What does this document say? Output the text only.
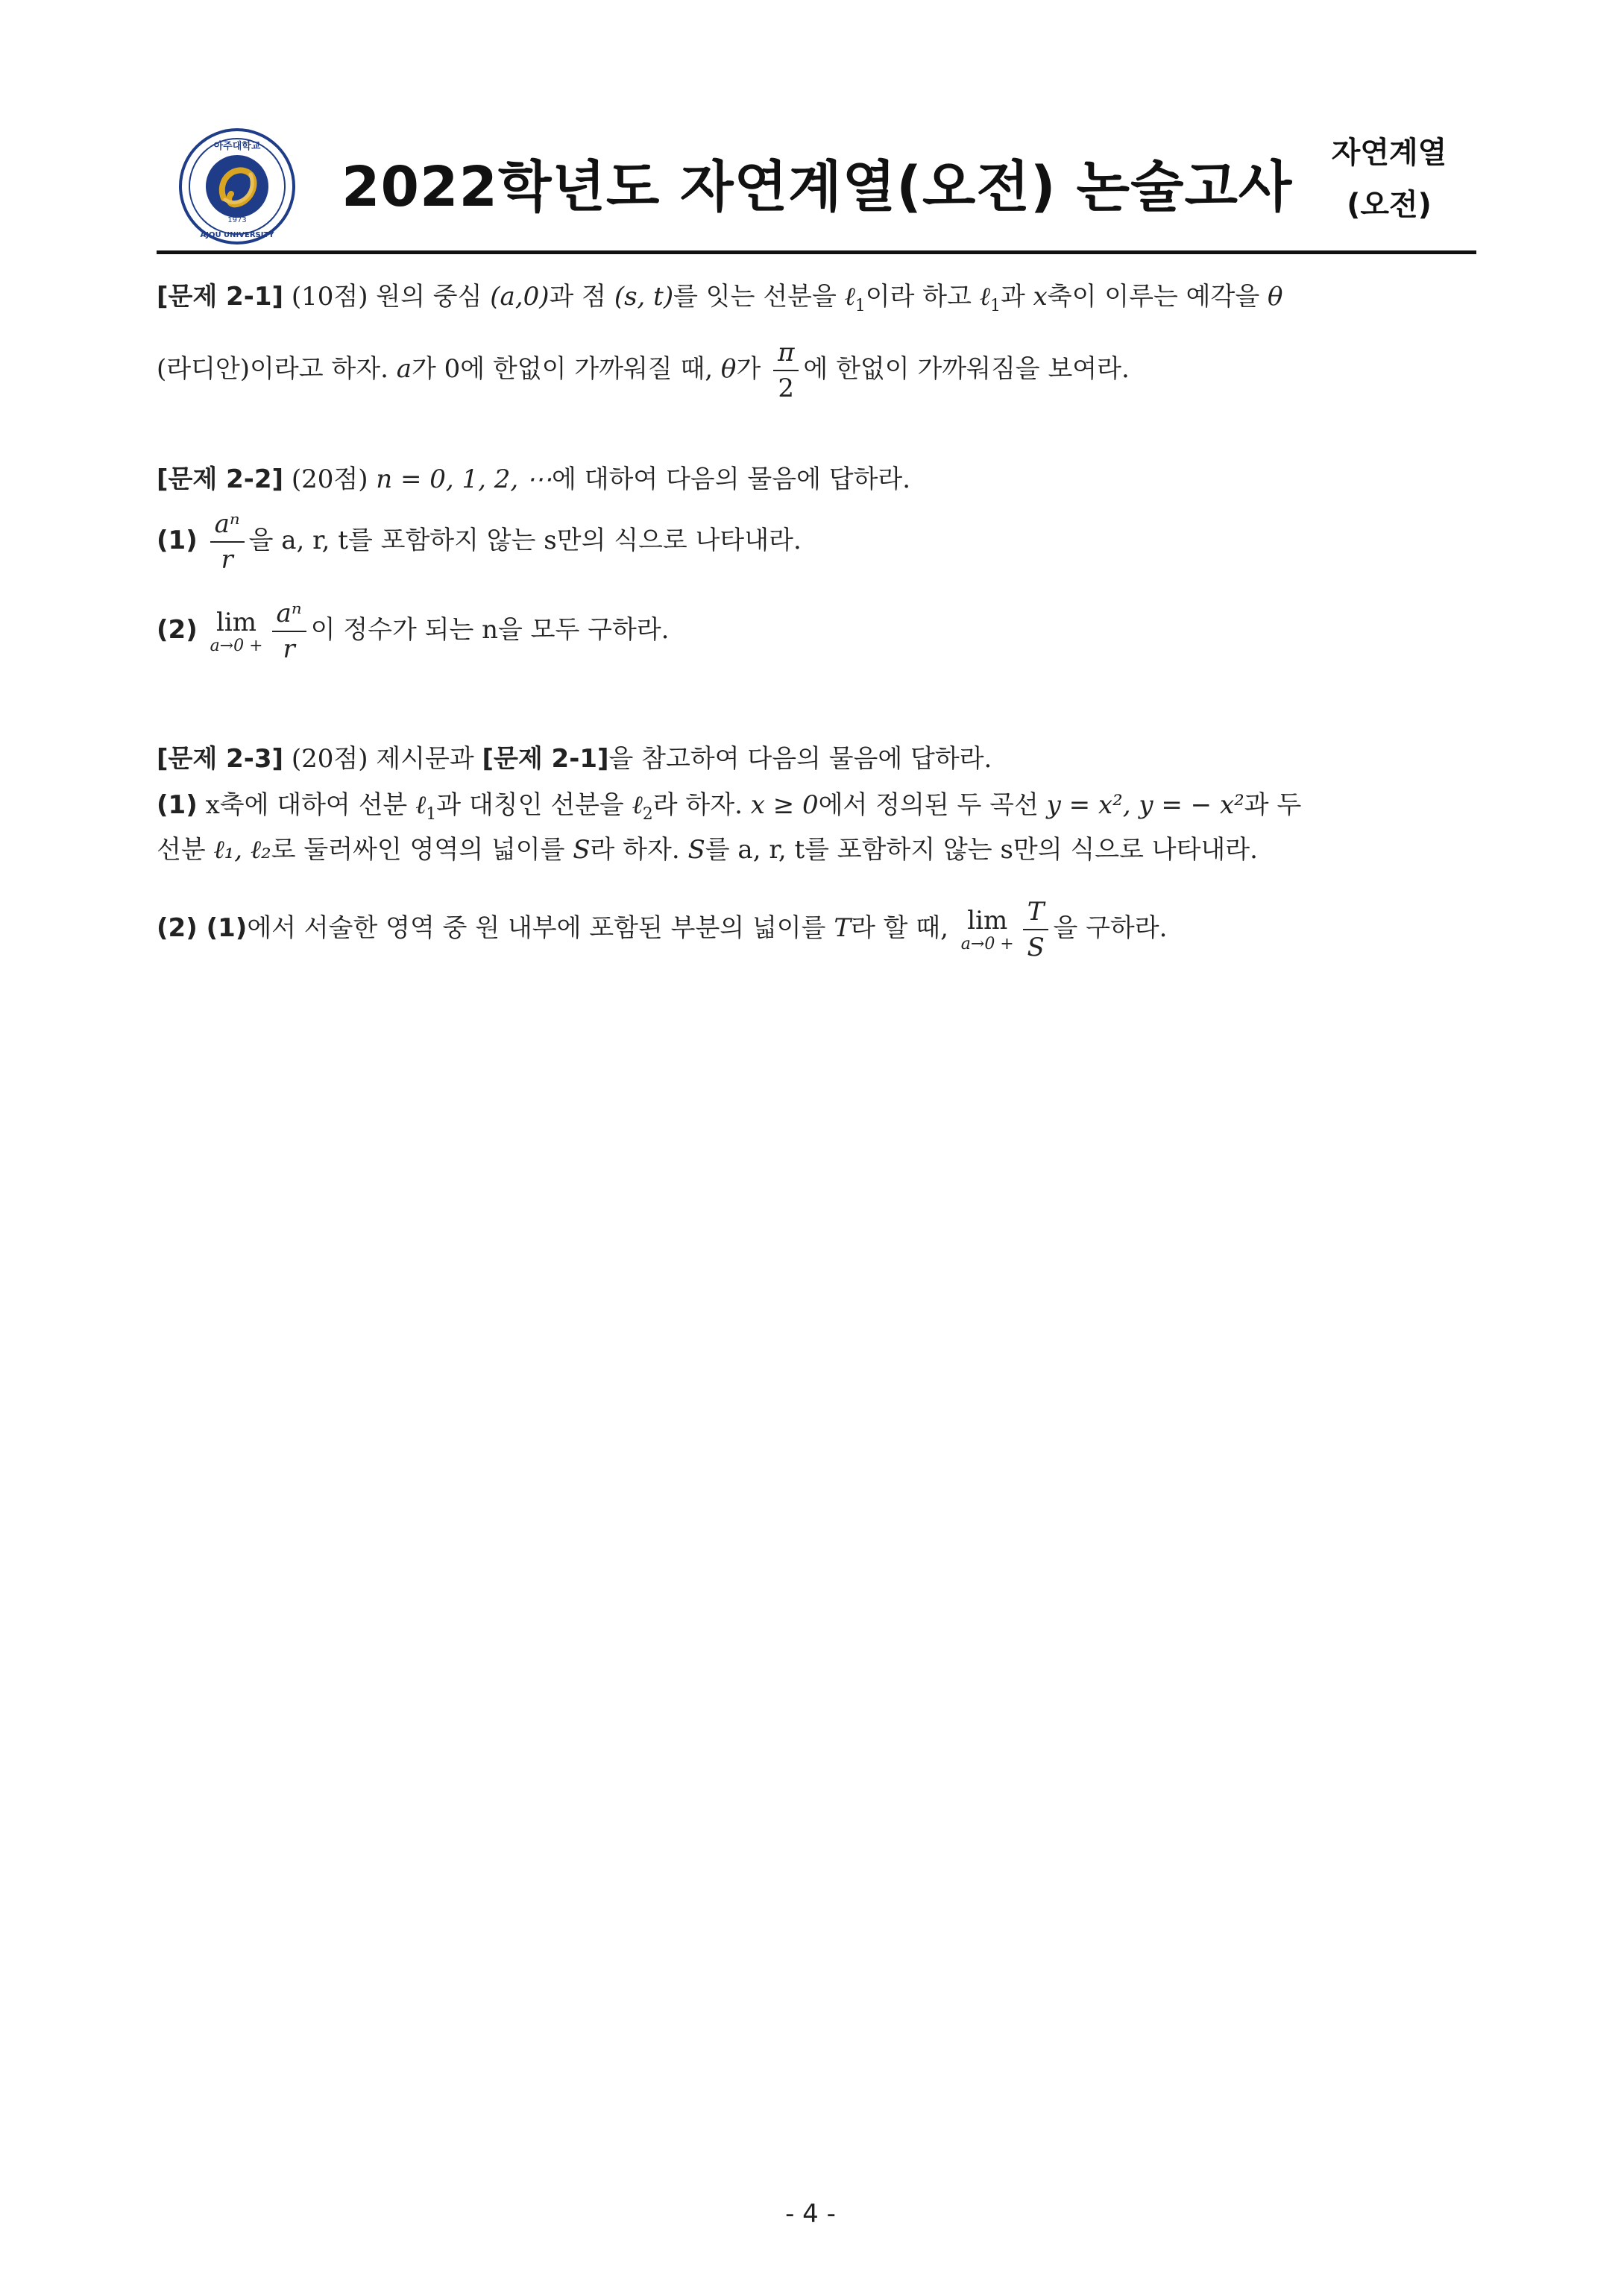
1973
아주대학교
AJOU UNIVERSITY
2022학년도 자연계열(오전) 논술고사
자연계열
(오전)
[문제 2-1] (10점) 원의 중심 (a,0)과 점 (s, t)를 잇는 선분을 ℓ$_1$이라 하고 ℓ$_1$과 x축이 이루는 예각을 θ
(라디안)이라고 하자. a가 0에 한없이 가까워질 때, θ가 $\frac{\pi}{2}$ 에 한없이 가까워짐을 보여라.
[문제 2-2] (20점) n = 0, 1, 2, ⋯에 대하여 다음의 물음에 답하라.
$(1) \frac{\text{aⁿ}}{r}$ 을 a, r, t를 포함하지 않는 s만의 식으로 나타내라.
(2) lim
$a\to 0 + \frac{\text{aⁿ}}{r}$ 이 정수가 되는 n을 모두 구하라.
[문제 2-3] (20점) 제시문과 [문제 2-1]을 참고하여 다음의 물음에 답하라.
(1) x축에 대하여 선분 ℓ$_1$과 대칭인 선분을 ℓ$_2$라 하자. x ≥ 0에서 정의된 두 곡선 y = x², y = − x²과 두
선분 ℓ₁, ℓ₂로 둘러싸인 영역의 넓이를 S라 하자. S를 a, r, t를 포함하지 않는 s만의 식으로 나타내라.
(2) (1)에서 서술한 영역 중 원 내부에 포함된 부분의 넓이를 T라 할 때, lim
$a\to 0 + \frac{T}{S}$ 을 구하라.
- 4 -
